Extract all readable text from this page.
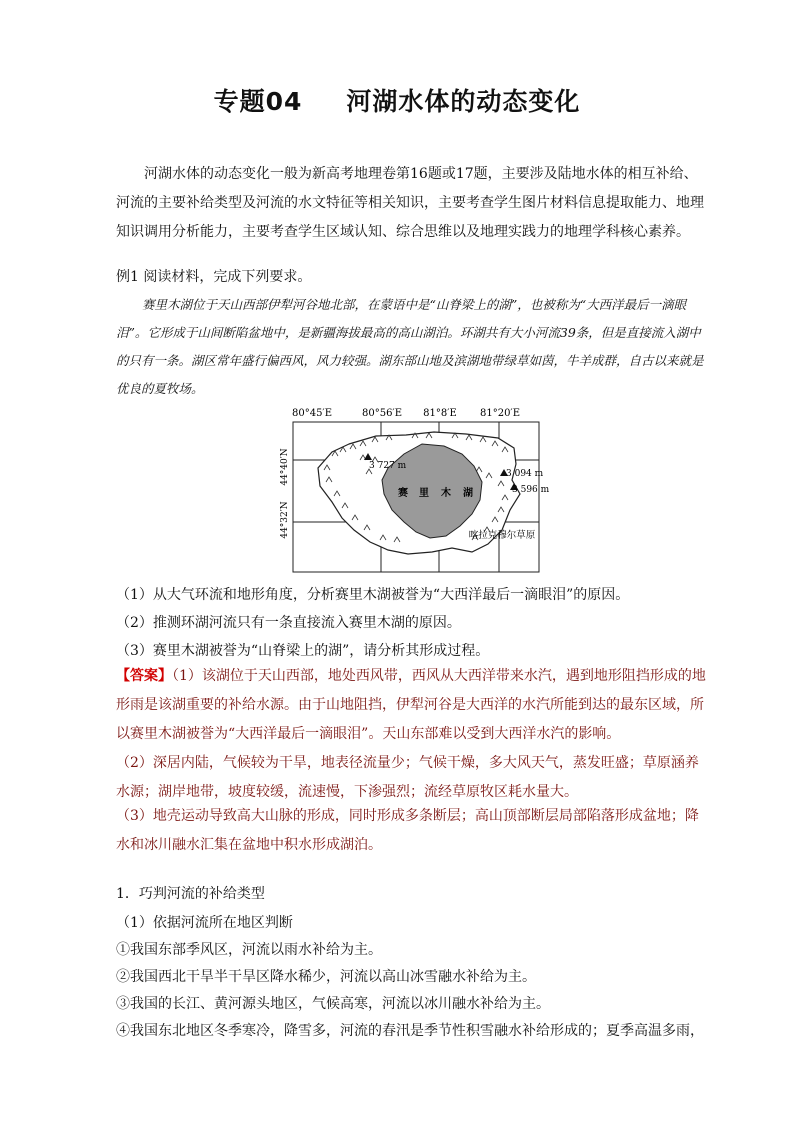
专题04 河湖水体的动态变化
河湖水体的动态变化一般为新高考地理卷第16题或17题，主要涉及陆地水体的相互补给、河流的主要补给类型及河流的水文特征等相关知识，主要考查学生图片材料信息提取能力、地理知识调用分析能力，主要考查学生区域认知、综合思维以及地理实践力的地理学科核心素养。
例1 阅读材料，完成下列要求。
赛里木湖位于天山西部伊犁河谷地北部，在蒙语中是“山脊梁上的湖”，也被称为“大西洋最后一滴眼泪”。它形成于山间断陷盆地中，是新疆海拔最高的高山湖泊。环湖共有大小河流39条，但是直接流入湖中的只有一条。湖区常年盛行偏西风，风力较强。湖东部山地及滨湖地带绿草如茵，牛羊成群，自古以来就是优良的夏牧场。
80°45′E	80°56′E 81°8′E 81°20′E
44°40′N
44°32′N
赛 里 木 湖
3 727 m
3 094 m
3 596 m
喀拉克穆尔草原
（1）从大气环流和地形角度，分析赛里木湖被誉为“大西洋最后一滴眼泪”的原因。
（2）推测环湖河流只有一条直接流入赛里木湖的原因。
（3）赛里木湖被誉为“山脊梁上的湖”，请分析其形成过程。
【答案】（1）该湖位于天山西部，地处西风带，西风从大西洋带来水汽，遇到地形阻挡形成的地形雨是该湖重要的补给水源。由于山地阻挡，伊犁河谷是大西洋的水汽所能到达的最东区域，所以赛里木湖被誉为“大西洋最后一滴眼泪”。天山东部难以受到大西洋水汽的影响。
（2）深居内陆，气候较为干旱，地表径流量少；气候干燥，多大风天气，蒸发旺盛；草原涵养水源；湖岸地带，坡度较缓，流速慢，下渗强烈；流经草原牧区耗水量大。
（3）地壳运动导致高大山脉的形成，同时形成多条断层；高山顶部断层局部陷落形成盆地；降水和冰川融水汇集在盆地中积水形成湖泊。
1．巧判河流的补给类型
（1）依据河流所在地区判断
①我国东部季风区，河流以雨水补给为主。
②我国西北干旱半干旱区降水稀少，河流以高山冰雪融水补给为主。
③我国的长江、黄河源头地区，气候高寒，河流以冰川融水补给为主。
④我国东北地区冬季寒冷，降雪多，河流的春汛是季节性积雪融水补给形成的；夏季高温多雨，
